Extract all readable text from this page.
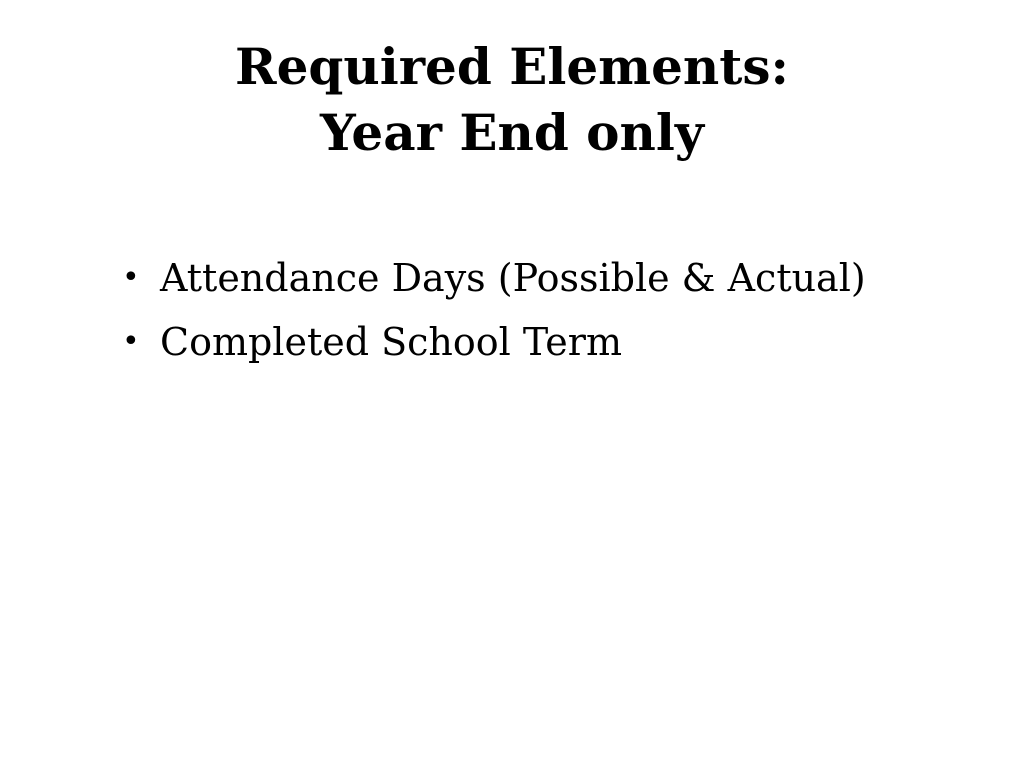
Required Elements:
Year End only
• Attendance Days (Possible & Actual)
• Completed School Term
